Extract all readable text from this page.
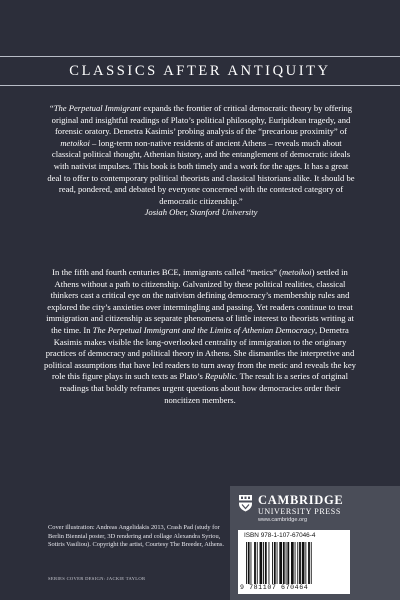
CLASSICS AFTER ANTIQUITY

“The Perpetual Immigrant expands the frontier of critical democratic theory by offering original and insightful readings of Plato’s political philosophy, Euripidean tragedy, and forensic oratory. Demetra Kasimis’ probing analysis of the “precarious proximity” of metoikoi – long-term non-native residents of ancient Athens – reveals much about classical political thought, Athenian history, and the entanglement of democratic ideals with nativist impulses. This book is both timely and a work for the ages. It has a great deal to offer to contemporary political theorists and classical historians alike. It should be read, pondered, and debated by everyone concerned with the contested category of democratic citizenship.”

Josiah Ober, Stanford University

In the fifth and fourth centuries BCE, immigrants called “metics” (metoikoi) settled in Athens without a path to citizenship. Galvanized by these political realities, classical thinkers cast a critical eye on the nativism defining democracy’s membership rules and explored the city’s anxieties over intermingling and passing. Yet readers continue to treat immigration and citizenship as separate phenomena of little interest to theorists writing at the time. In The Perpetual Immigrant and the Limits of Athenian Democracy, Demetra Kasimis makes visible the long-overlooked centrality of immigration to the originary practices of democracy and political theory in Athens. She dismantles the interpretive and political assumptions that have led readers to turn away from the metic and reveals the key role this figure plays in such texts as Plato’s Republic. The result is a series of original readings that boldly reframes urgent questions about how democracies order their noncitizen members.

Cover illustration: Andreas Angelidakis 2013, Crash Pad (study for Berlin Biennial poster, 3D rendering and collage Alexandra Syriou, Sotiris Vasiliou). Copyright the artist, Courtesy The Breeder, Athens.
SERIES COVER DESIGN: JACKIE TAYLOR
CAMBRIDGE
UNIVERSITY PRESS
www.cambridge.org
ISBN 978-1-107-67046-4
9 781107 670464
